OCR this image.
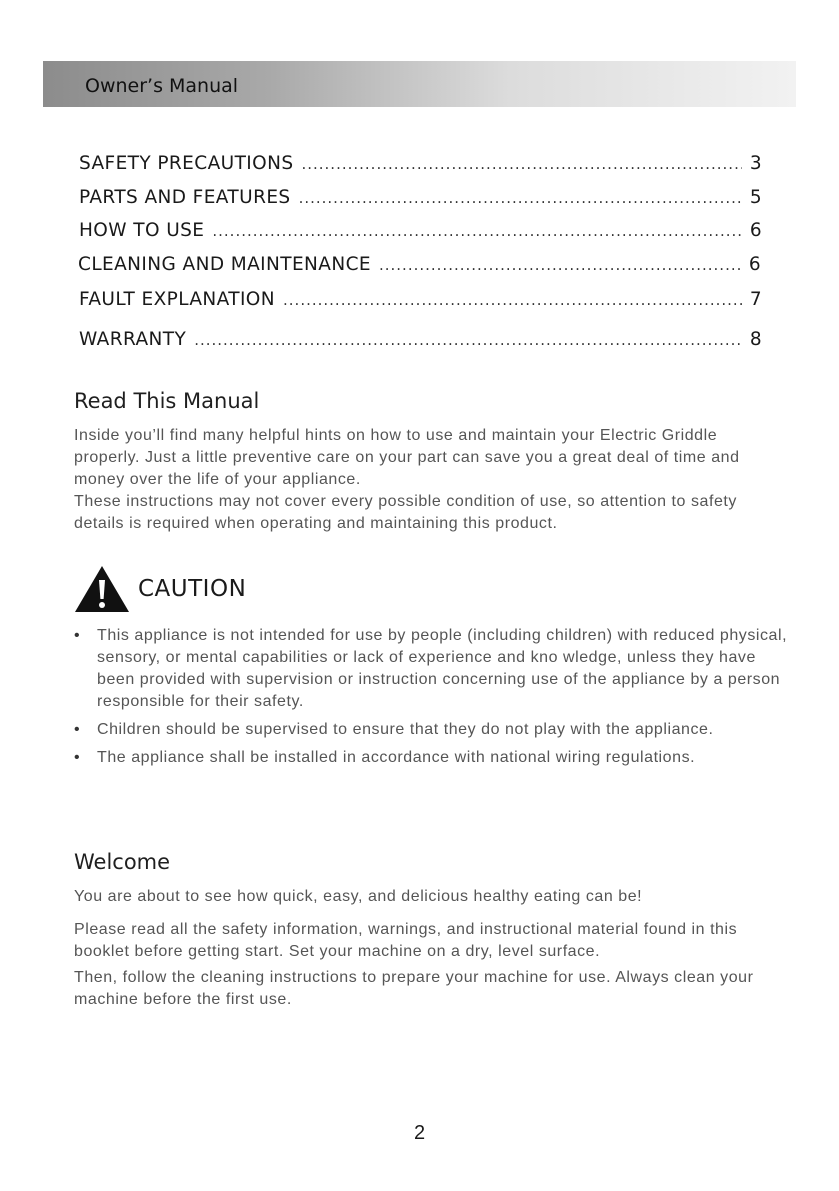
Owner’s Manual
SAFETY PRECAUTIONS .....	3
PARTS AND FEATURES .....	5
HOW TO USE .....	6
CLEANING AND MAINTENANCE .....	6
FAULT EXPLANATION .....	7
WARRANTY .....	8
Read This Manual

Inside you’ll find many helpful hints on how to use and maintain your Electric Griddle properly. Just a little preventive care on your part can save you a great deal of time and money over the life of your appliance.

These instructions may not cover every possible condition of use, so attention to safety details is required when operating and maintaining this product.

CAUTION
• This appliance is not intended for use by people (including children) with reduced physical, sensory, or mental capabilities or lack of experience and kno wledge, unless they have been provided with supervision or instruction concerning use of the appliance by a person responsible for their safety.
• Children should be supervised to ensure that they do not play with the appliance.
• The appliance shall be installed in accordance with national wiring regulations.
Welcome

You are about to see how quick, easy, and delicious healthy eating can be!

Please read all the safety information, warnings, and instructional material found in this booklet before getting start. Set your machine on a dry, level surface.

Then, follow the cleaning instructions to prepare your machine for use. Always clean your machine before the first use.

2
